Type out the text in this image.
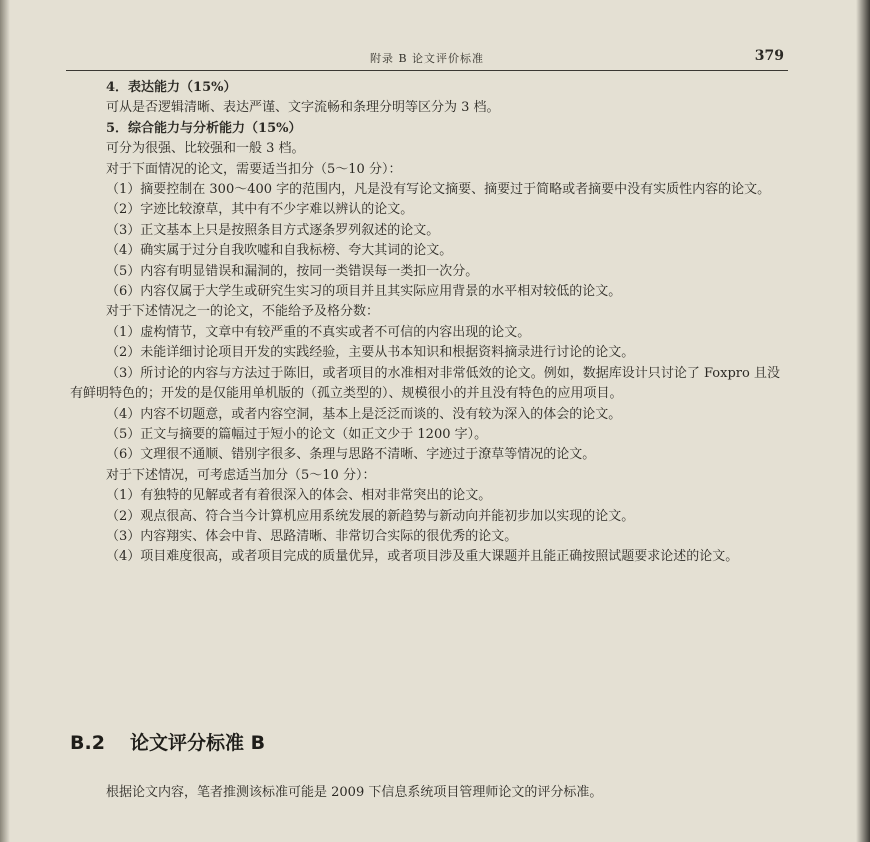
附录 B 论文评价标准	379

4．表达能力（15%）

可从是否逻辑清晰、表达严谨、文字流畅和条理分明等区分为 3 档。

5．综合能力与分析能力（15%）

可分为很强、比较强和一般 3 档。

对于下面情况的论文，需要适当扣分（5～10 分）：

（1）摘要控制在 300～400 字的范围内，凡是没有写论文摘要、摘要过于简略或者摘要中没有实质性内容的论文。

（2）字迹比较潦草，其中有不少字难以辨认的论文。

（3）正文基本上只是按照条目方式逐条罗列叙述的论文。

（4）确实属于过分自我吹嘘和自我标榜、夸大其词的论文。

（5）内容有明显错误和漏洞的，按同一类错误每一类扣一次分。

（6）内容仅属于大学生或研究生实习的项目并且其实际应用背景的水平相对较低的论文。

对于下述情况之一的论文，不能给予及格分数：

（1）虚构情节，文章中有较严重的不真实或者不可信的内容出现的论文。

（2）未能详细讨论项目开发的实践经验，主要从书本知识和根据资料摘录进行讨论的论文。

（3）所讨论的内容与方法过于陈旧，或者项目的水准相对非常低效的论文。例如，数据库设计只讨论了 Foxpro 且没有鲜明特色的；开发的是仅能用单机版的（孤立类型的）、规模很小的并且没有特色的应用项目。

（4）内容不切题意，或者内容空洞，基本上是泛泛而谈的、没有较为深入的体会的论文。

（5）正文与摘要的篇幅过于短小的论文（如正文少于 1200 字）。

（6）文理很不通顺、错别字很多、条理与思路不清晰、字迹过于潦草等情况的论文。

对于下述情况，可考虑适当加分（5～10 分）：

（1）有独特的见解或者有着很深入的体会、相对非常突出的论文。

（2）观点很高、符合当今计算机应用系统发展的新趋势与新动向并能初步加以实现的论文。

（3）内容翔实、体会中肯、思路清晰、非常切合实际的很优秀的论文。

（4）项目难度很高，或者项目完成的质量优异，或者项目涉及重大课题并且能正确按照试题要求论述的论文。

B.2 论文评分标准 B

根据论文内容，笔者推测该标准可能是 2009 下信息系统项目管理师论文的评分标准。
